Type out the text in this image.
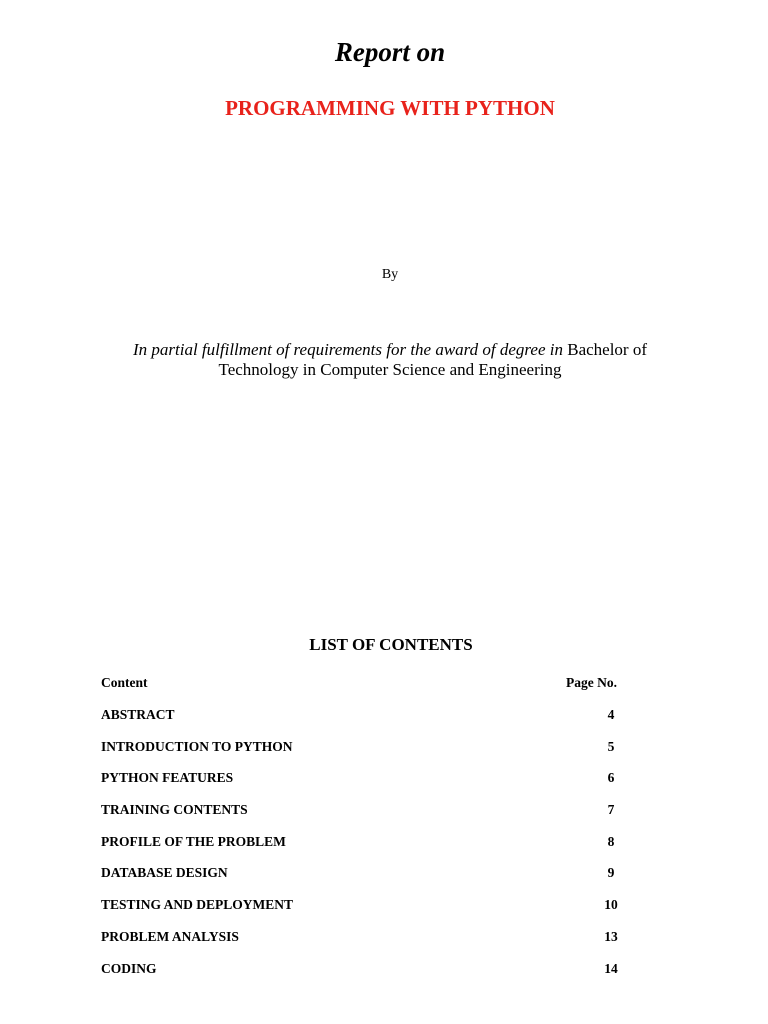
Report on
PROGRAMMING WITH PYTHON
By
In partial fulfillment of requirements for the award of degree in Bachelor of Technology in Computer Science and Engineering
LIST OF CONTENTS
Content	Page No.
ABSTRACT	4
INTRODUCTION TO PYTHON	5
PYTHON FEATURES	6
TRAINING CONTENTS	7
PROFILE OF THE PROBLEM	8
DATABASE DESIGN	9
TESTING AND DEPLOYMENT	10
PROBLEM ANALYSIS	13
CODING	14
